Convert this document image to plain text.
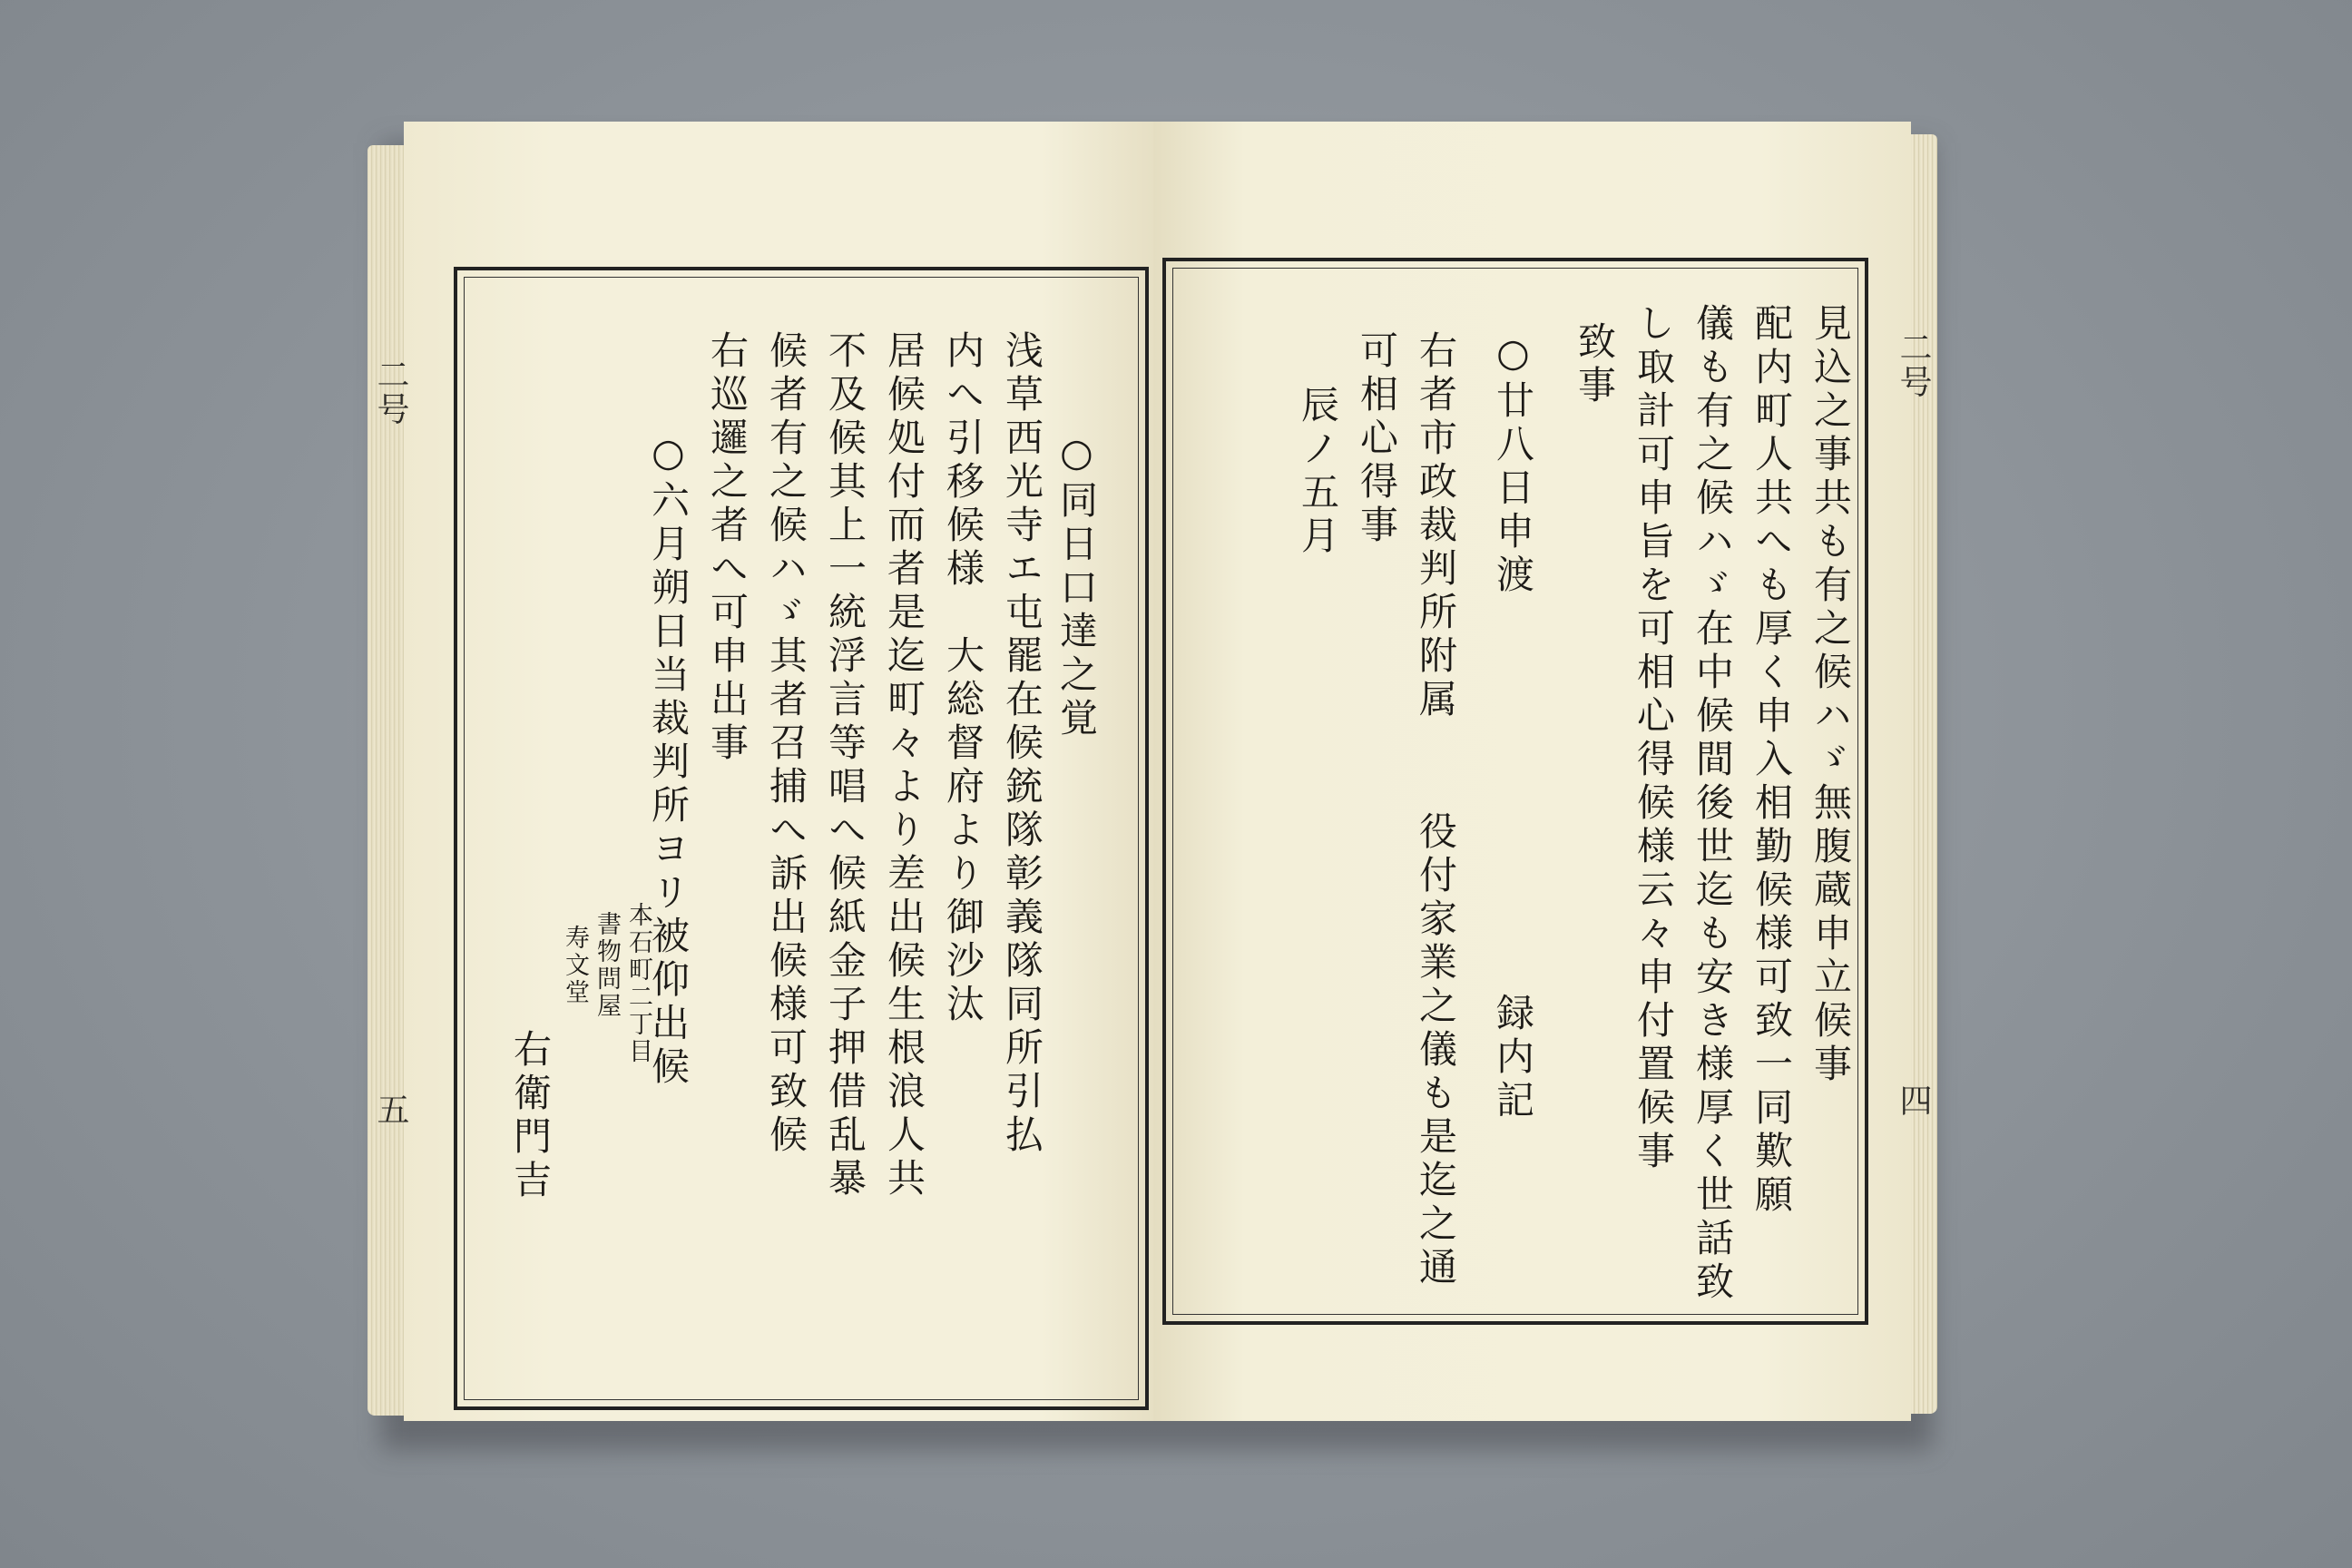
二号
五
○同日口達之覚
浅草西光寺エ屯罷在候銃隊彰義隊同所引払
内へ引移候様　大総督府より御沙汰
居候処付而者是迄町々より差出候生根浪人共
不及候其上一統浮言等唱へ候紙金子押借乱暴
候者有之候ハゞ其者召捕へ訴出候様可致候
右巡邏之者へ可申出事
○六月朔日当裁判所ヨリ被仰出候
本石町二丁目
書物問屋
寿文堂
右衛門吉
二号
四
見込之事共も有之候ハゞ無腹蔵申立候事
配内町人共へも厚く申入相勤候様可致一同歎願
儀も有之候ハゞ在中候間後世迄も安き様厚く世話致
し取計可申旨を可相心得候様云々申付置候事
致事
○廿八日申渡
右者市政裁判所附属
可相心得事
辰ノ五月
役付家業之儀も是迄之通 録内記
